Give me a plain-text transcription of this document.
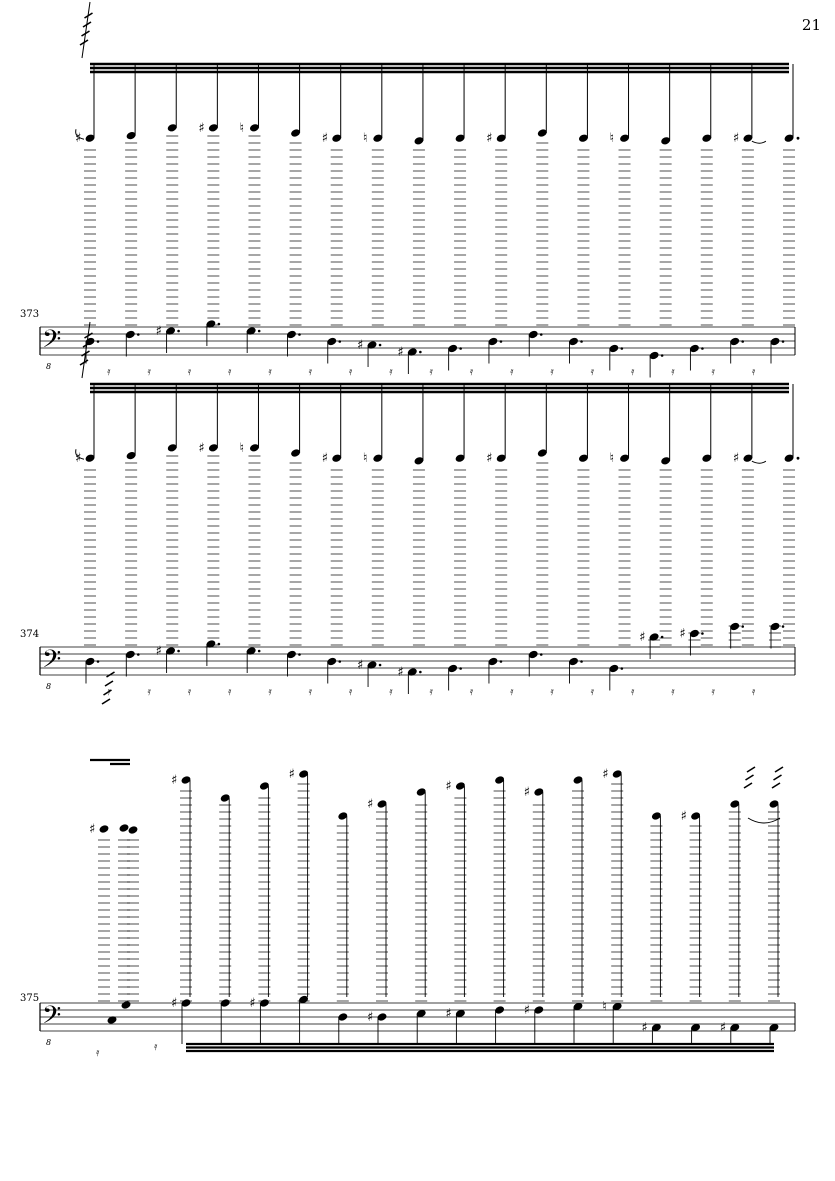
21
373
374
375
𝄢
8
♯
♯	♮
♯	♮	♯	♮	♯
𝄿	𝄿
♯
𝄿	𝄿	𝄿	𝄿	𝄿
♯
𝄿
♯
𝄿	𝄿	𝄿	𝄿	𝄿	𝄿	𝄿	𝄿	𝄿
𝄢
8
♯
♯	♮
♯	♮	♯	♮	♯
𝄿
♯
𝄿	𝄿	𝄿	𝄿	𝄿
♯
𝄿
♯
𝄿	𝄿	𝄿	𝄿	𝄿	𝄿
♯
𝄿
♯
𝄿	𝄿
𝄢
8
♯	♯
♯	♯	♯	♮
♯	♯
♯	♯
♯
♯	♯
♯
♯
♯
𝄿	𝄿
